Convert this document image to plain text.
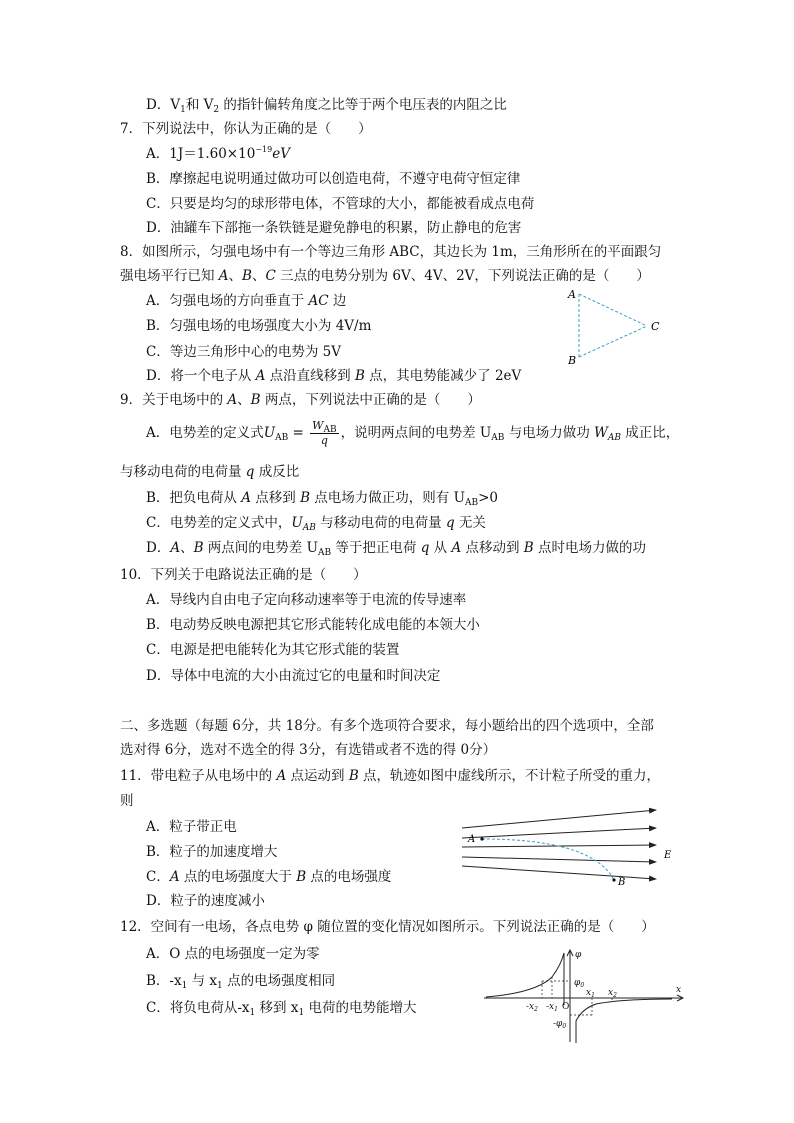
D．$V_1$和 $V_2$ 的指针偏转角度之比等于两个电压表的内阻之比
7．下列说法中，你认为正确的是（　　）
A．$1J=1.60\times 10^{-19}eV$
B．摩擦起电说明通过做功可以创造电荷，不遵守电荷守恒定律
C．只要是均匀的球形带电体，不管球的大小，都能被看成点电荷
D．油罐车下部拖一条铁链是避免静电的积累，防止静电的危害
8．如图所示，匀强电场中有一个等边三角形 ABC，其边长为 1m，三角形所在的平面跟匀
强电场平行已知 A、B、C 三点的电势分别为 6V、4V、2V，下列说法正确的是（　　）
A．匀强电场的方向垂直于 AC 边
B．匀强电场的电场强度大小为 4V/m
C．等边三角形中心的电势为 5V
D．将一个电子从 A 点沿直线移到 B 点，其电势能减少了 2eV
A
B
C
9．关于电场中的 A、B 两点，下列说法中正确的是（　　）
A．电势差的定义式$U_{AB} = \frac{W_{AB}}{q}$ ，说明两点间的电势差 $U_{AB}$ 与电场力做功 $W_{AB}$ 成正比，
与移动电荷的电荷量 q 成反比
B．把负电荷从 A 点移到 B 点电场力做正功，则有 $U_{AB}>0$
C．电势差的定义式中，$U_{AB}$ 与移动电荷的电荷量 q 无关
D．A、B 两点间的电势差 $U_{AB}$ 等于把正电荷 q 从 A 点移动到 B 点时电场力做的功
10．下列关于电路说法正确的是（　　）
A．导线内自由电子定向移动速率等于电流的传导速率
B．电动势反映电源把其它形式能转化成电能的本领大小
C．电源是把电能转化为其它形式能的装置
D．导体中电流的大小由流过它的电量和时间决定
二、多选题（每题 6分，共 18分。有多个选项符合要求，每小题给出的四个选项中，全部
选对得 6分，选对不选全的得 3分，有选错或者不选的得 0分）
11．带电粒子从电场中的 A 点运动到 B 点，轨迹如图中虚线所示，不计粒子所受的重力，
则
A．粒子带正电
B．粒子的加速度增大
C．A 点的电场强度大于 B 点的电场强度
D．粒子的速度减小
A
B
E
12．空间有一电场，各点电势 φ 随位置的变化情况如图所示。下列说法正确的是（　　）
A．O 点的电场强度一定为零
B．$-x_1$ 与 $x_1$ 点的电场强度相同
C．将负电荷从$-x_1$ 移到 $x_1$ 电荷的电势能增大
φ
$\varphi_0$
$-\varphi_0$
x
O
$x_1$ $x_2$
$-x_2$ $-x_1$
